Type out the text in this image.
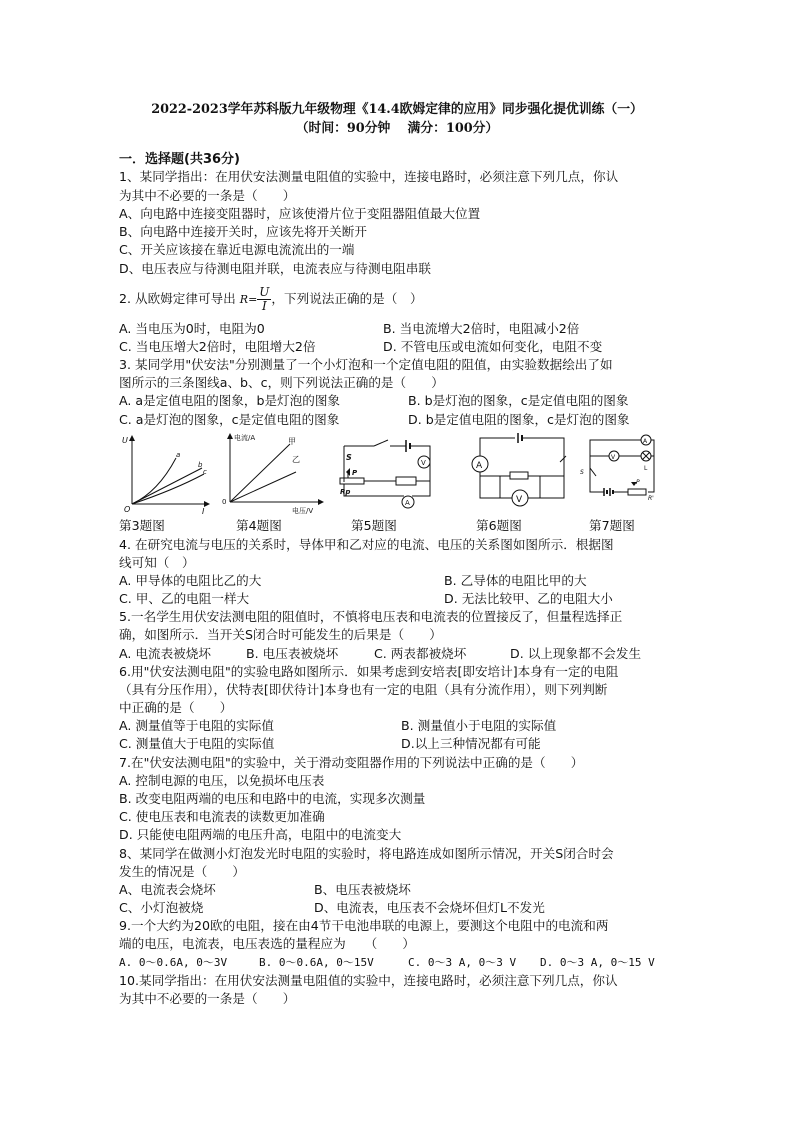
2022-2023学年苏科版九年级物理《14.4欧姆定律的应用》同步强化提优训练（一）
（时间：90分钟　 满分：100分）
一．选择题(共36分)
1、某同学指出：在用伏安法测量电阻值的实验中，连接电路时，必须注意下列几点，你认
为其中不必要的一条是（　　）
A、向电路中连接变阻器时，应该使滑片位于变阻器阻值最大位置
B、向电路中连接开关时，应该先将开关断开
C、开关应该接在靠近电源电流流出的一端
D、电压表应与待测电阻并联，电流表应与待测电阻串联
2. 从欧姆定律可导出 $R= \frac{U}{I}$ ，下列说法正确的是（　）
A. 当电压为0时，电阻为0	B. 当电流增大2倍时，电阻减小2倍
C. 当电压增大2倍时，电阻增大2倍	D. 不管电压或电流如何变化，电阻不变
3. 某同学用"伏安法"分别测量了一个小灯泡和一个定值电阻的阻值，由实验数据绘出了如
图所示的三条图线a、b、c，则下列说法正确的是（　　）
A. a是定值电阻的图象，b是灯泡的图象	B. b是灯泡的图象，c是定值电阻的图象
C. a是灯泡的图象，c是定值电阻的图象	D. b是定值电阻的图象，c是灯泡的图象
U
O	I
a
b
c
电流/A
电压/V
0
甲
乙	V
A
S
P
Rp
A
V
A
V
L
S
P
R'
第3题图	第4题图	第5题图	第6题图	第7题图
4. 在研究电流与电压的关系时，导体甲和乙对应的电流、电压的关系图如图所示．根据图
线可知（　）
A. 甲导体的电阻比乙的大	B. 乙导体的电阻比甲的大
C. 甲、乙的电阻一样大	D. 无法比较甲、乙的电阻大小
5.一名学生用伏安法测电阻的阻值时，不慎将电压表和电流表的位置接反了，但量程选择正
确，如图所示．当开关S闭合时可能发生的后果是（　　）
A. 电流表被烧坏	B. 电压表被烧坏	C. 两表都被烧坏	D. 以上现象都不会发生
6.用"伏安法测电阻"的实验电路如图所示．如果考虑到安培表[即安培计]本身有一定的电阻
（具有分压作用），伏特表[即伏待计]本身也有一定的电阻（具有分流作用），则下列判断
中正确的是（　　）
A. 测量值等于电阻的实际值	B. 测量值小于电阻的实际值
C. 测量值大于电阻的实际值	D.以上三种情况都有可能
7.在"伏安法测电阻"的实验中，关于滑动变阻器作用的下列说法中正确的是（　　）
A. 控制电源的电压，以免损坏电压表
B. 改变电阻两端的电压和电路中的电流，实现多次测量
C. 使电压表和电流表的读数更加准确
D. 只能使电阻两端的电压升高，电阻中的电流变大
8、某同学在做测小灯泡发光时电阻的实验时，将电路连成如图所示情况，开关S闭合时会
发生的情况是（　　）
A、电流表会烧坏	B、电压表被烧坏
C、小灯泡被烧	D、电流表，电压表不会烧坏但灯L不发光
9.一个大约为20欧的电阻，接在由4节干电池串联的电源上，要测这个电阻中的电流和两
端的电压，电流表，电压表选的量程应为　　（　　）
A. 0～0.6A, 0～3V	B. 0～0.6A, 0～15V	C. 0～3 A, 0～3 V D. 0～3 A, 0～15 V
10.某同学指出：在用伏安法测量电阻值的实验中，连接电路时，必须注意下列几点，你认
为其中不必要的一条是（　　）
